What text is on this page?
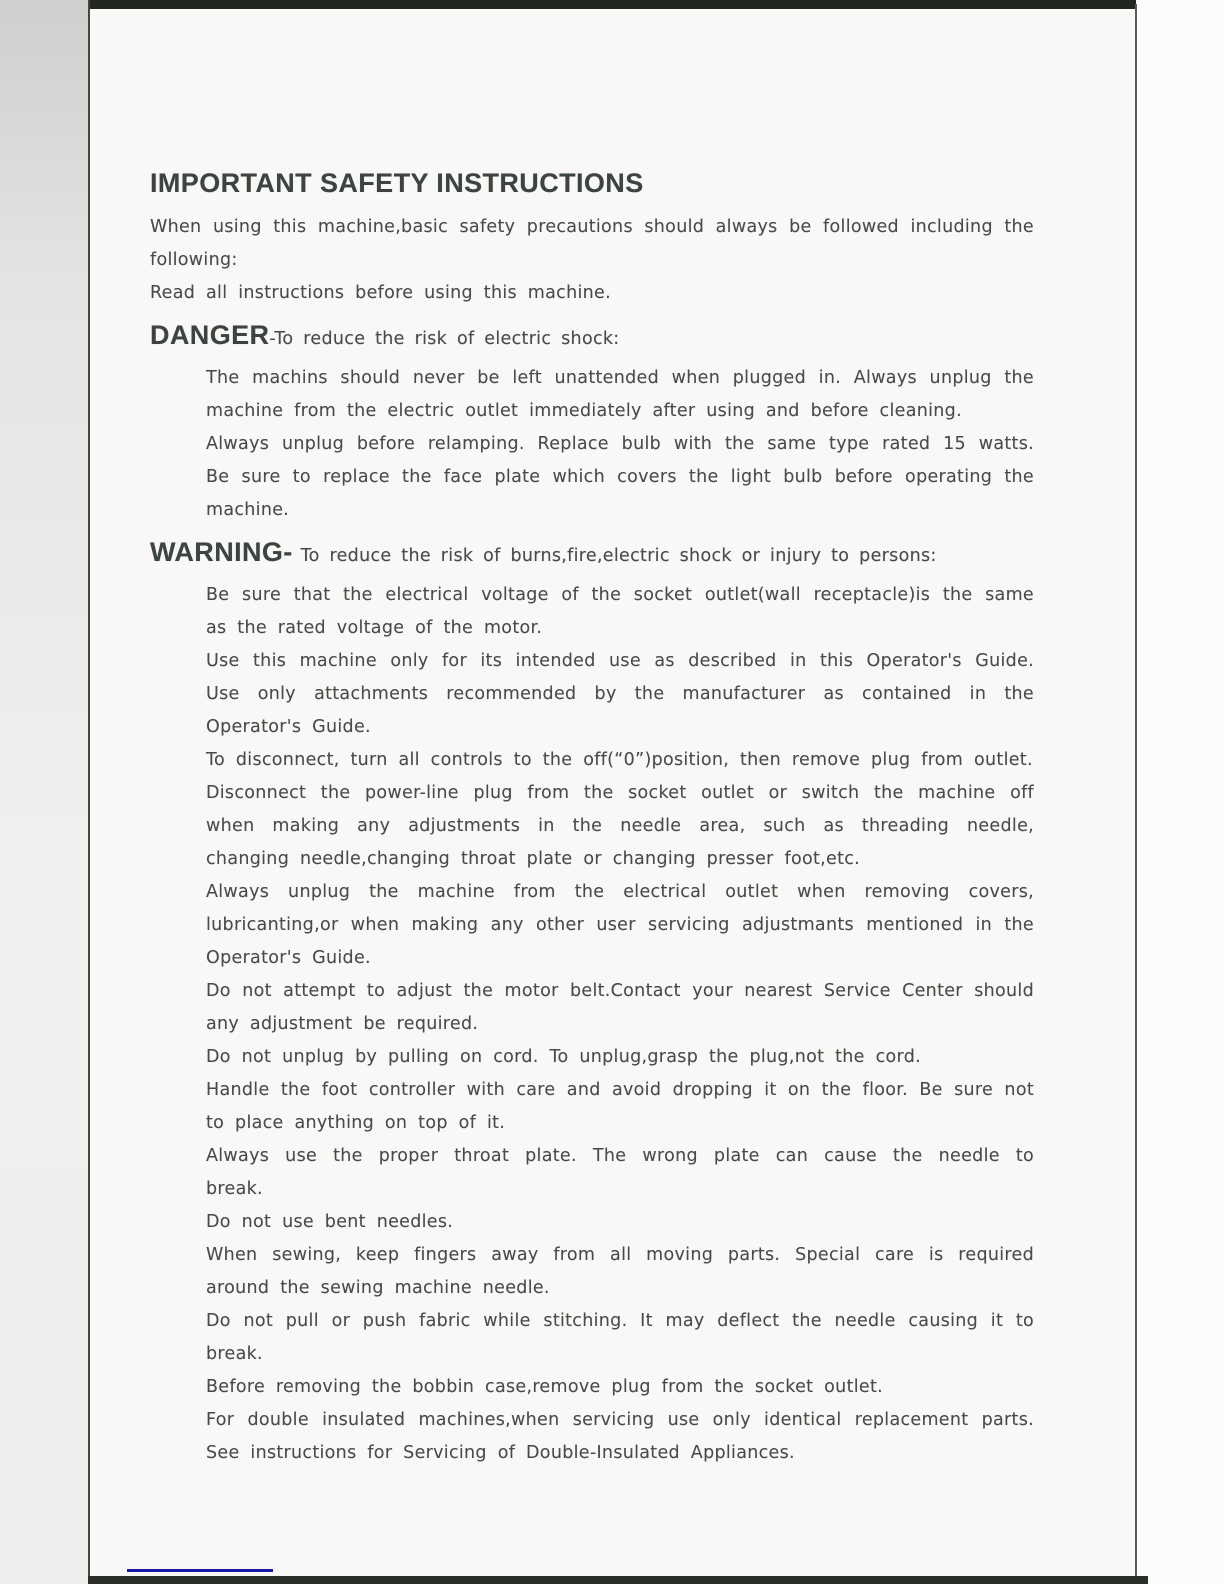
IMPORTANT SAFETY INSTRUCTIONS

When using this machine,basic safety precautions should always be followed including the following:

Read all instructions before using this machine.

DANGER-To reduce the risk of electric shock:
The machins should never be left unattended when plugged in. Always unplug the machine from the electric outlet immediately after using and before cleaning.
Always unplug before relamping. Replace bulb with the same type rated 15 watts. Be sure to replace the face plate which covers the light bulb before operating the machine.
WARNING- To reduce the risk of burns,fire,electric shock or injury to persons:
Be sure that the electrical voltage of the socket outlet(wall receptacle)is the same as the rated voltage of the motor.
Use this machine only for its intended use as described in this Operator's Guide. Use only attachments recommended by the manufacturer as contained in the Operator's Guide.
To disconnect, turn all controls to the off(“0”)position, then remove plug from outlet.
Disconnect the power-line plug from the socket outlet or switch the machine off when making any adjustments in the needle area, such as threading needle, changing needle,changing throat plate or changing presser foot,etc.
Always unplug the machine from the electrical outlet when removing covers, lubricanting,or when making any other user servicing adjustmants mentioned in the Operator's Guide.
Do not attempt to adjust the motor belt.Contact your nearest Service Center should any adjustment be required.
Do not unplug by pulling on cord. To unplug,grasp the plug,not the cord.
Handle the foot controller with care and avoid dropping it on the floor. Be sure not to place anything on top of it.
Always use the proper throat plate. The wrong plate can cause the needle to break.
Do not use bent needles.
When sewing, keep fingers away from all moving parts. Special care is required around the sewing machine needle.
Do not pull or push fabric while stitching. It may deflect the needle causing it to break.
Before removing the bobbin case,remove plug from the socket outlet.
For double insulated machines,when servicing use only identical replacement parts. See instructions for Servicing of Double-Insulated Appliances.
